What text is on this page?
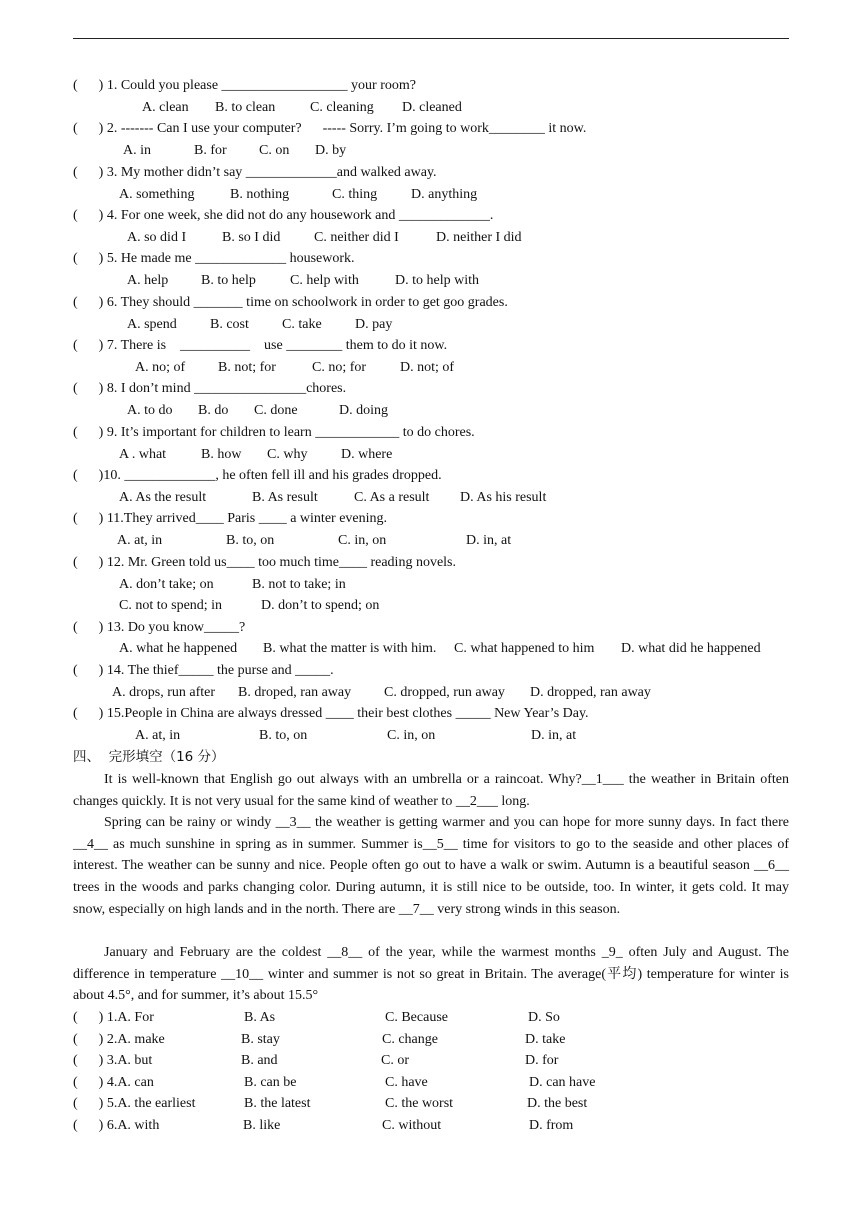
(      ) 1. Could you please __________________ your room?
A. clean B. to clean C. cleaning D. cleaned
(      ) 2. ------- Can I use your computer?      ----- Sorry. I’m going to work________ it now.
A. in	B. for C. on D. by
(      ) 3. My mother didn’t say _____________and walked away.
A. something	B. nothing	C. thing D. anything
(      ) 4. For one week, she did not do any housework and _____________.
A. so did I	B. so I did C. neither did I	D. neither I did
(      ) 5. He made me _____________ housework.
A. help B. to help C. help with	D. to help with
(      ) 6. They should _______ time on schoolwork in order to get goo grades.
A. spend B. cost C. take D. pay
(      ) 7. There is    __________    use ________ them to do it now.
A. no; of B. not; for	C. no; for D. not; of
(      ) 8. I don’t mind ________________chores.
A. to do B. do C. done	D. doing
(      ) 9. It’s important for children to learn ____________ to do chores.
A . what B. how C. why D. where
(      )10. _____________, he often fell ill and his grades dropped.
A. As the result	B. As result	C. As a result D. As his result
(      ) 11.They arrived____ Paris ____ a winter evening.
A. at, in	B. to, on	C. in, on	D. in, at
(      ) 12. Mr. Green told us____ too much time____ reading novels.
A. don’t take; on	B. not to take; in
C. not to spend; in	D. don’t to spend; on
(      ) 13. Do you know_____?
A. what he happened B. what the matter is with him. C. what happened to him D. what did he happened
(      ) 14. The thief_____ the purse and _____.
A. drops, run after B. droped, ran away C. dropped, run away D. dropped, ran away
(      ) 15.People in China are always dressed ____ their best clothes _____ New Year’s Day.
A. at, in	B. to, on	C. in, on	D. in, at
四、  完形填空（16 分）
It is well-known that English go out always with an umbrella or a raincoat. Why?__1___ the weather in Britain often changes quickly. It is not very usual for the same kind of weather to __2___ long.
Spring can be rainy or windy __3__ the weather is getting warmer and you can hope for more sunny days. In fact there __4__ as much sunshine in spring as in summer. Summer is__5__ time for visitors to go to the seaside and other places of interest. The weather can be sunny and nice. People often go out to have a walk or swim. Autumn is a beautiful season __6__ trees in the woods and parks changing color. During autumn, it is still nice to be outside, too. In winter, it gets cold. It may snow, especially on high lands and in the north. There are __7__ very strong winds in this season.
January and February are the coldest __8__ of the year, while the warmest months _9_ often July and August. The difference in temperature __10__ winter and summer is not so great in Britain. The average(平均) temperature for winter is about 4.5°, and for summer, it’s about 15.5°
(      ) 1.A. For	B. As	C. Because	D. So
(      ) 2.A. make	B. stay	C. change	D. take
(      ) 3.A. but	B. and	C. or	D. for
(      ) 4.A. can	B. can be	C. have	D. can have
(      ) 5.A. the earliest	B. the latest	C. the worst	D. the best
(      ) 6.A. with	B. like	C. without	D. from
